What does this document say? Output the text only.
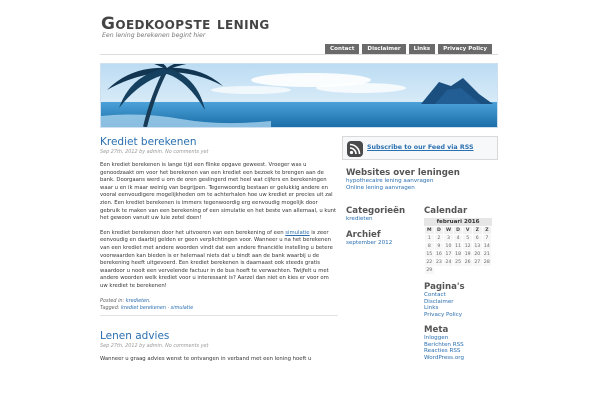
Goedkoopste lening
Een lening berekenen begint hier
Contact	Disclaimer	Links	Privacy Policy
Krediet berekenen
Sep 27th, 2012 by admin. No comments yet

Een krediet berekenen is lange tijd een flinke opgave geweest. Vroeger was u genoodzaakt om voor het berekenen van een krediet een bezoek te brengen aan de bank. Doorgaans werd u om de oren geslingerd met heel wat cijfers en berekeningen waar u en ik maar weinig van begrijpen. Tegenwoordig bestaan er gelukkig andere en vooral eenvoudigere mogelijkheden om te achterhalen hoe uw krediet er precies uit zal zien. Een krediet berekenen is immers tegenwoordig erg eenvoudig mogelijk door gebruik te maken van een berekening of een simulatie en het beste van allemaal, u kunt het gewoon vanuit uw luie zetel doen!

Een krediet berekenen door het uitvoeren van een berekening of een simulatie is zeer eenvoudig en daarbij gelden er geen verplichtingen voor. Wanneer u na het berekenen van een krediet met andere woorden vindt dat een andere financiële instelling u betere voorwaarden kan bieden is er helemaal niets dat u bindt aan de bank waarbij u de berekening heeft uitgevoerd. Een krediet berekenen is daarnaast ook steeds gratis waardoor u nooit een vervelende factuur in de bus hoeft te verwachten. Twijfelt u met andere woorden welk krediet voor u interessant is? Aarzel dan niet en kies er voor om uw krediet te berekenen!

Posted in: kredieten.
Tagged: krediet berekenen · simulatie
Lenen advies
Sep 27th, 2012 by admin. No comments yet

Wanneer u graag advies wenst te ontvangen in verband met een lening hoeft u

Subscribe to our Feed via RSS
Websites over leningen
hypothecaire lening aanvragen
Online lening aanvragen
Categorieën
kredieten
Archief
september 2012
Calendar
februari 2016
M	D	W	D	V	Z	Z
1	2	3	4	5	6	7
8	9	10	11	12	13	14
15	16	17	18	19	20	21
22	23	24	25	26	27	28
29						
Pagina's
Contact
Disclaimer
Links
Privacy Policy
Meta
Inloggen
Berichten RSS
Reacties RSS
WordPress.org
